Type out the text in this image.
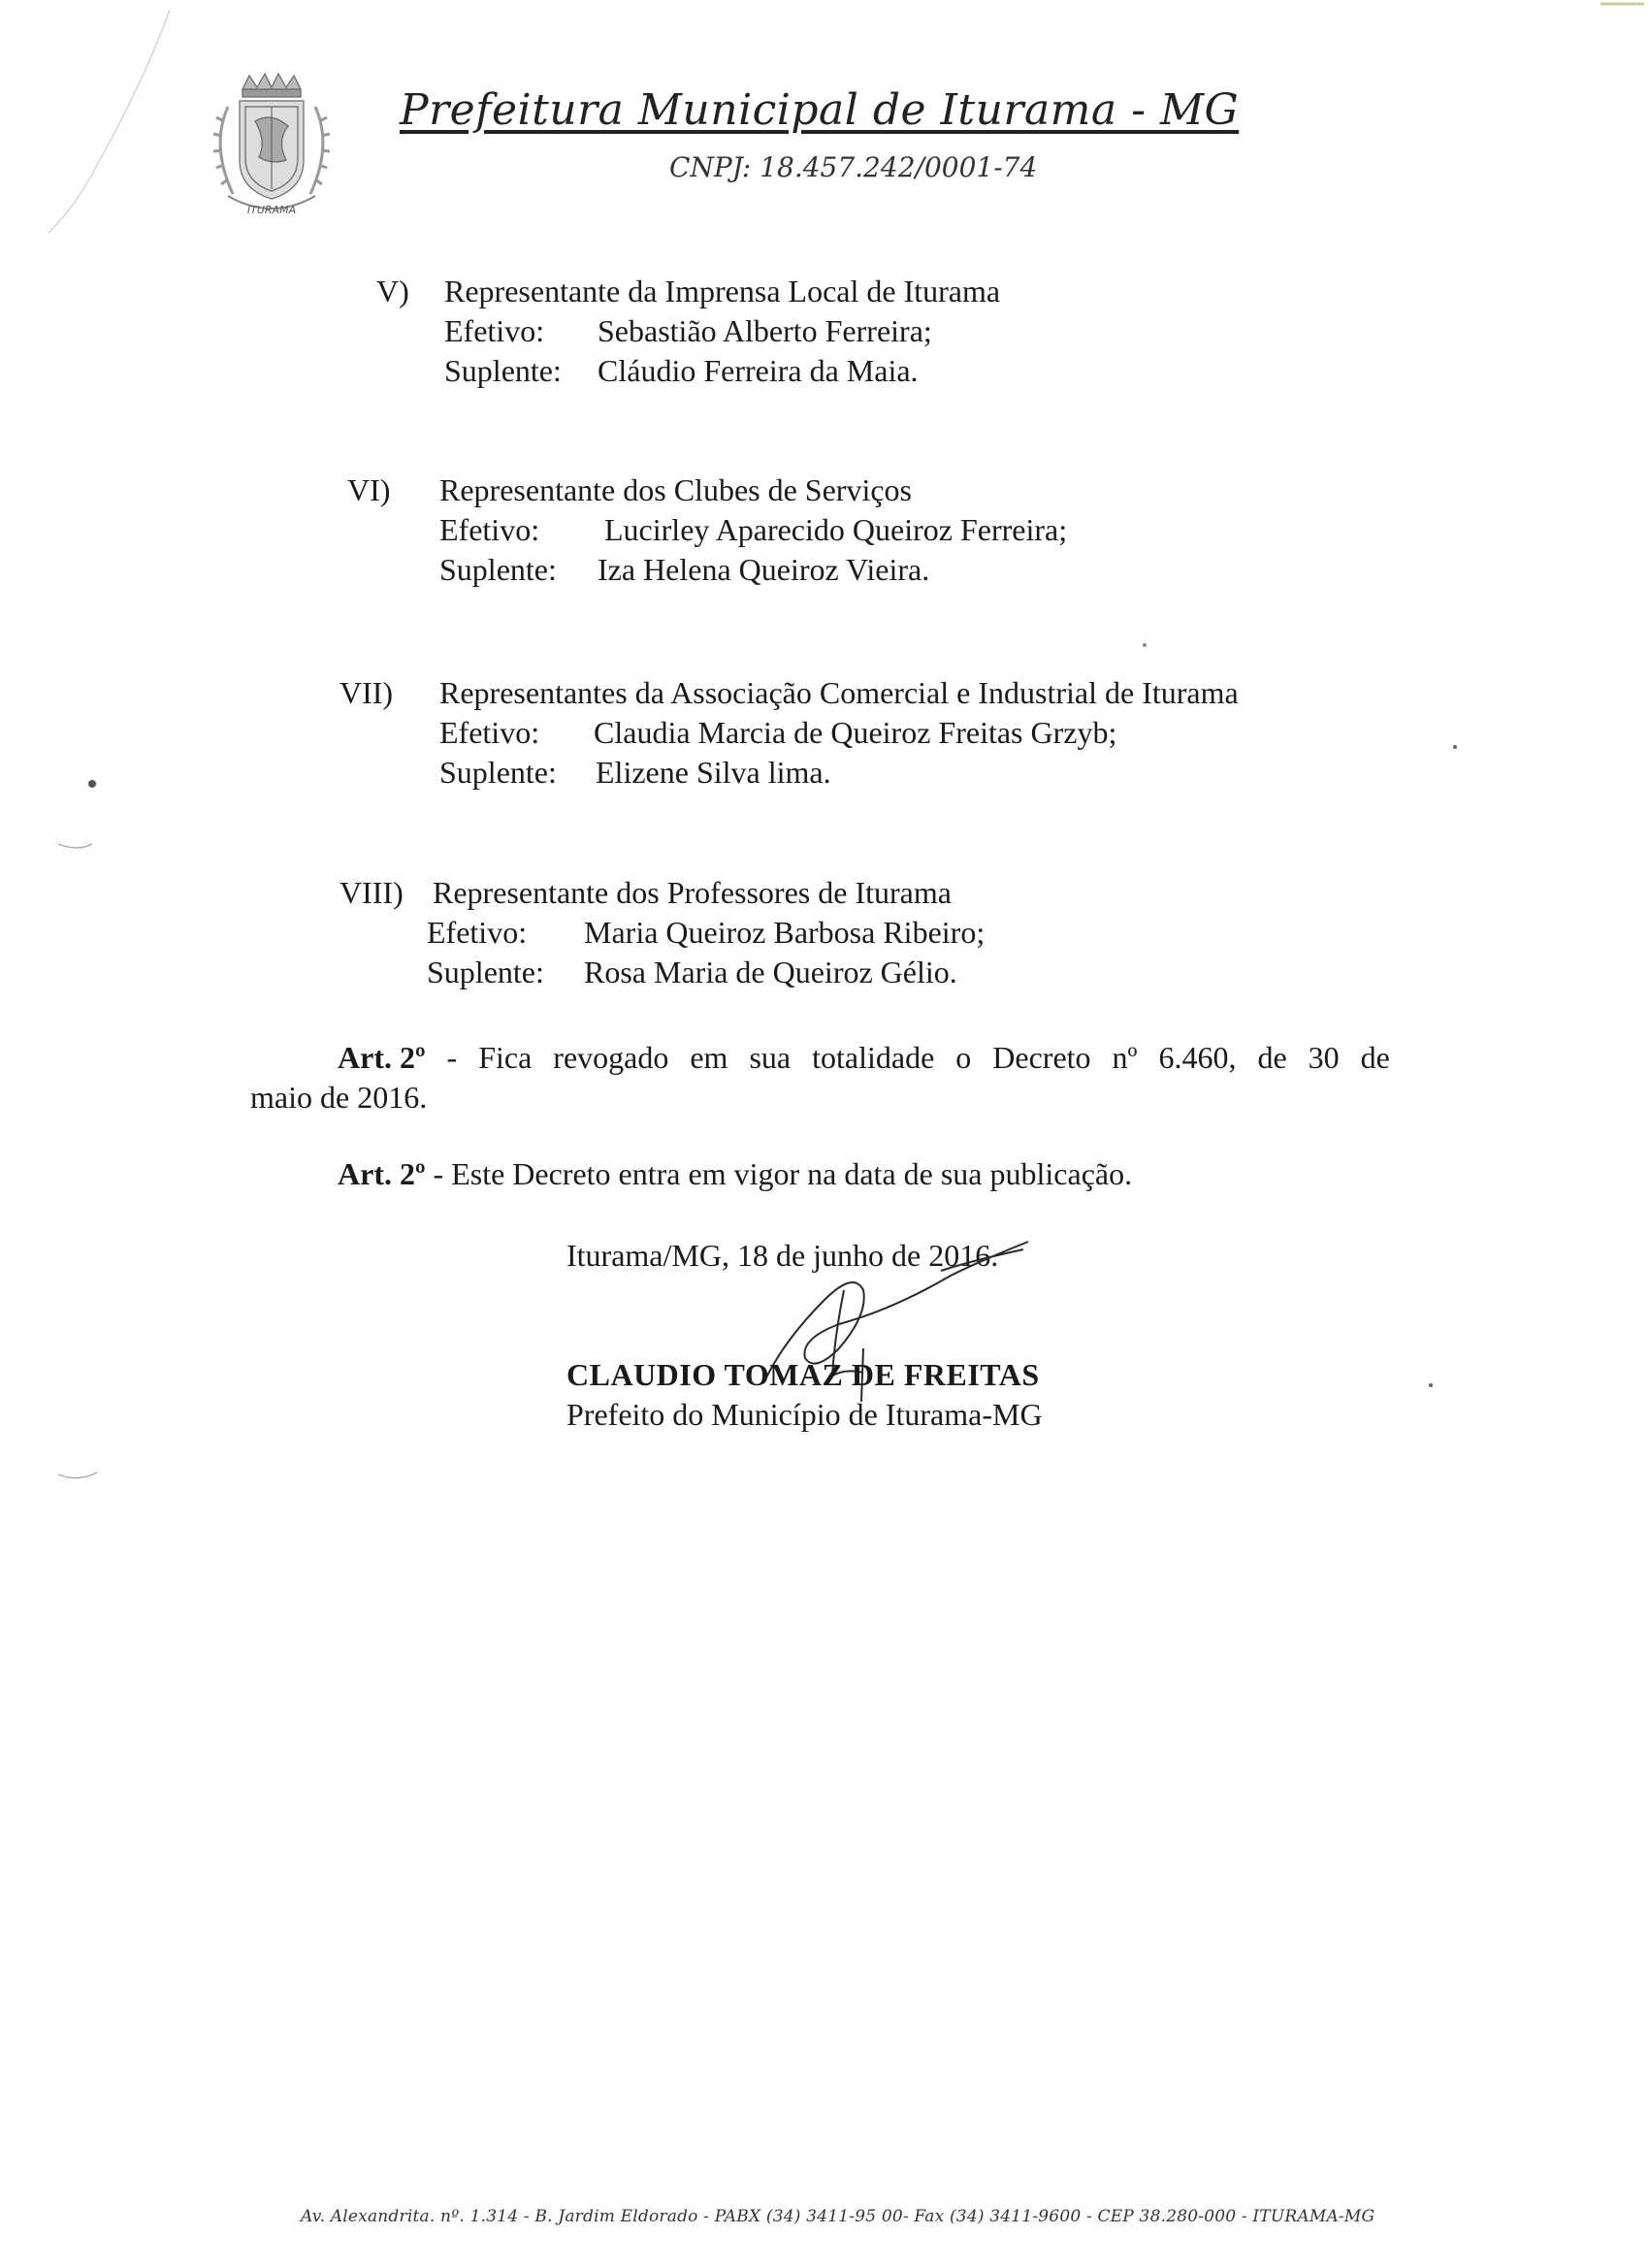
ITURAMA
Prefeitura Municipal de Iturama - MG
CNPJ: 18.457.242/0001-74
V) Representante da Imprensa Local de Iturama
Efetivo:	Sebastião Alberto Ferreira;
Suplente:	Cláudio Ferreira da Maia.
VI) Representante dos Clubes de Serviços
Efetivo:	Lucirley Aparecido Queiroz Ferreira;
Suplente:	Iza Helena Queiroz Vieira.
VII) Representantes da Associação Comercial e Industrial de Iturama
Efetivo:	Claudia Marcia de Queiroz Freitas Grzyb;
Suplente:	Elizene Silva lima.
VIII) Representante dos Professores de Iturama
Efetivo:	Maria Queiroz Barbosa Ribeiro;
Suplente:	Rosa Maria de Queiroz Gélio.
Art. 2º - Fica revogado em sua totalidade o Decreto nº 6.460, de 30 de
maio de 2016.
Art. 2º - Este Decreto entra em vigor na data de sua publicação.
Iturama/MG, 18 de junho de 2016.
CLAUDIO TOMAZ DE FREITAS
Prefeito do Município de Iturama-MG
Av. Alexandrita. nº. 1.314 - B. Jardim Eldorado - PABX (34) 3411-95 00- Fax (34) 3411-9600 - CEP 38.280-000 - ITURAMA-MG
